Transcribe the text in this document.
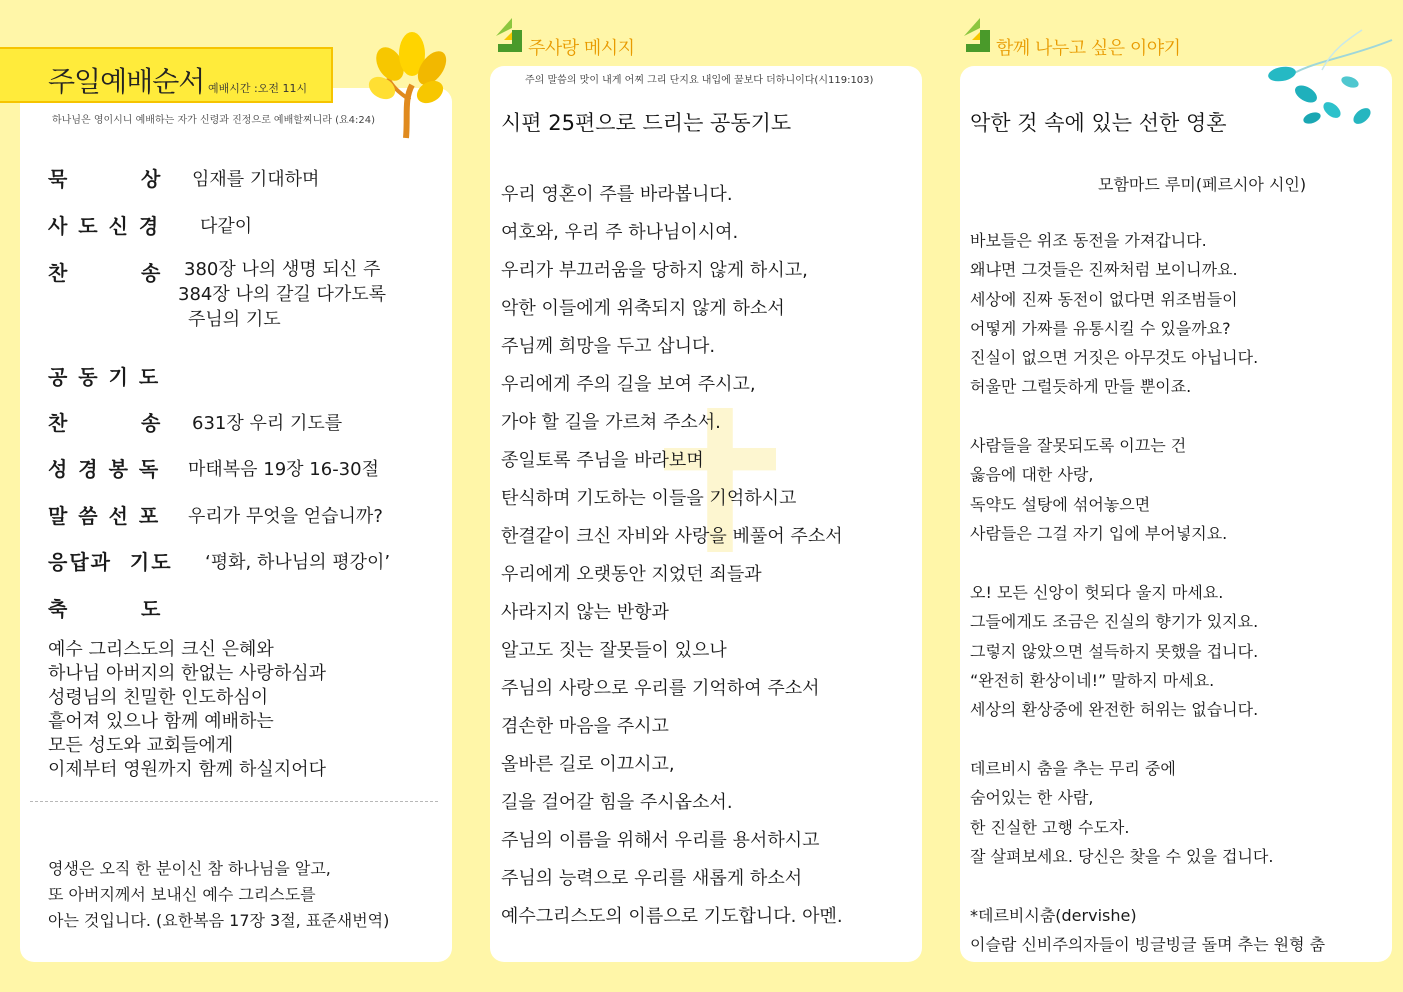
주일예배순서 예배시간 :오전 11시
하나님은 영이시니 예배하는 자가 신령과 진정으로 예배할찌니라 (요4:24)
묵        상 임재를 기대하며
사 도 신 경 다같이
찬        송 380장 나의 생명 되신 주
384장 나의 갈길 다가도록
주님의 기도
공 동 기 도
찬        송 631장 우리 기도를
성 경 봉 독 마태복음 19장 16-30절
말 씀 선 포 우리가 무엇을 얻습니까?
응답과  기도 ‘평화, 하나님의 평강이’
축        도
예수 그리스도의 크신 은혜와
하나님 아버지의 한없는 사랑하심과
성령님의 친밀한 인도하심이
흩어져 있으나 함께 예배하는
모든 성도와 교회들에게
이제부터 영원까지 함께 하실지어다
영생은 오직 한 분이신 참 하나님을 알고,
또 아버지께서 보내신 예수 그리스도를
아는 것입니다. (요한복음 17장 3절, 표준새번역)
주사랑 메시지
주의 말씀의 맛이 내게 어찌 그리 단지요 내입에 꿀보다 더하니이다(시119:103)
시편 25편으로 드리는 공동기도
우리 영혼이 주를 바라봅니다.
여호와, 우리 주 하나님이시여.
우리가 부끄러움을 당하지 않게 하시고,
악한 이들에게 위축되지 않게 하소서
주님께 희망을 두고 삽니다.
우리에게 주의 길을 보여 주시고,
가야 할 길을 가르쳐 주소서.
종일토록 주님을 바라보며
탄식하며 기도하는 이들을 기억하시고
한결같이 크신 자비와 사랑을 베풀어 주소서
우리에게 오랫동안 지었던 죄들과
사라지지 않는 반항과
알고도 짓는 잘못들이 있으나
주님의 사랑으로 우리를 기억하여 주소서
겸손한 마음을 주시고
올바른 길로 이끄시고,
길을 걸어갈 힘을 주시옵소서.
주님의 이름을 위해서 우리를 용서하시고
주님의 능력으로 우리를 새롭게 하소서
예수그리스도의 이름으로 기도합니다. 아멘.
함께 나누고 싶은 이야기
악한 것 속에 있는 선한 영혼
모함마드 루미(페르시아 시인)
바보들은 위조 동전을 가져갑니다.
왜냐면 그것들은 진짜처럼 보이니까요.
세상에 진짜 동전이 없다면 위조범들이
어떻게 가짜를 유통시킬 수 있을까요?
진실이 없으면 거짓은 아무것도 아닙니다.
허울만 그럴듯하게 만들 뿐이죠.
사람들을 잘못되도록 이끄는 건
옳음에 대한 사랑,
독약도 설탕에 섞어놓으면
사람들은 그걸 자기 입에 부어넣지요.
오! 모든 신앙이 헛되다 울지 마세요.
그들에게도 조금은 진실의 향기가 있지요.
그렇지 않았으면 설득하지 못했을 겁니다.
“완전히 환상이네!” 말하지 마세요.
세상의 환상중에 완전한 허위는 없습니다.
데르비시 춤을 추는 무리 중에
숨어있는 한 사람,
한 진실한 고행 수도자.
잘 살펴보세요. 당신은 찾을 수 있을 겁니다.
*데르비시춤(dervishe)
이슬람 신비주의자들이 빙글빙글 돌며 추는 원형 춤
